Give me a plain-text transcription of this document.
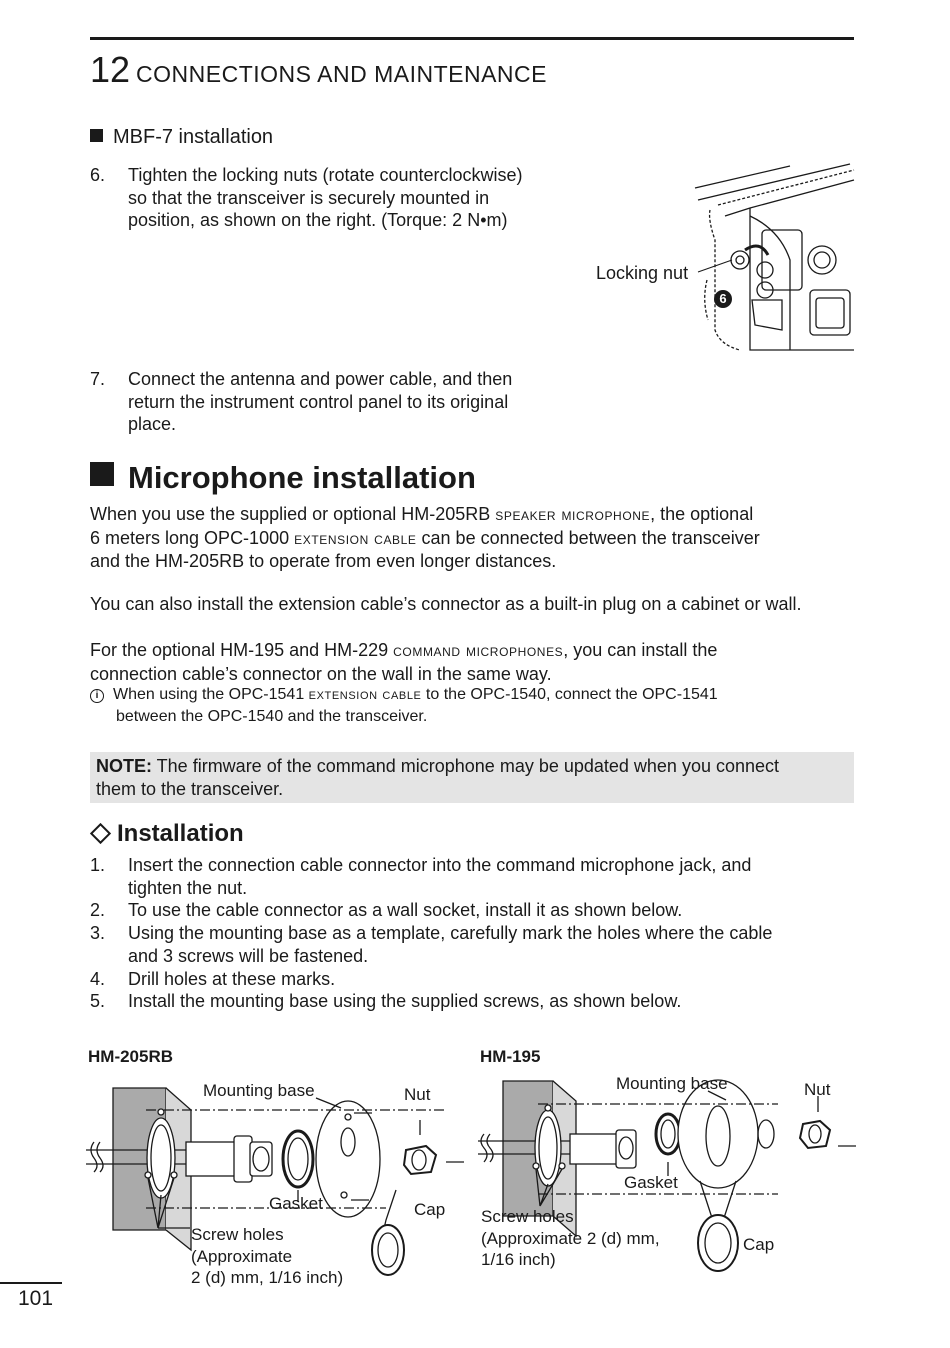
12 CONNECTIONS AND MAINTENANCE
MBF-7 installation
6. Tighten the locking nuts (rotate counterclockwise)
so that the transceiver is securely mounted in
position, as shown on the right. (Torque: 2 N•m)
Locking nut
6
7. Connect the antenna and power cable, and then
return the instrument control panel to its original
place.
Microphone installation
When you use the supplied or optional HM-205RB speaker microphone, the optional
6 meters long OPC-1000 extension cable can be connected between the transceiver
and the HM-205RB to operate from even longer distances.
You can also install the extension cable’s connector as a built-in plug on a cabinet or wall.
For the optional HM-195 and HM-229 command microphones, you can install the
connection cable’s connector on the wall in the same way.
i When using the OPC-1541 extension cable to the OPC-1540, connect the OPC-1541
between the OPC-1540 and the transceiver.
NOTE: The firmware of the command microphone may be updated when you connect
them to the transceiver.
Installation
1. Insert the connection cable connector into the command microphone jack, and
tighten the nut.
2. To use the cable connector as a wall socket, install it as shown below.
3. Using the mounting base as a template, carefully mark the holes where the cable
and 3 screws will be fastened.
4. Drill holes at these marks.
5. Install the mounting base using the supplied screws, as shown below.
HM-205RB
Mounting base	Nut
Gasket	Cap
Screw holes
(Approximate
2 (d) mm, 1/16 inch)
HM-195
Mounting base	Nut
Gasket
Cap
Screw holes
(Approximate 2 (d) mm,
1/16 inch)
101
